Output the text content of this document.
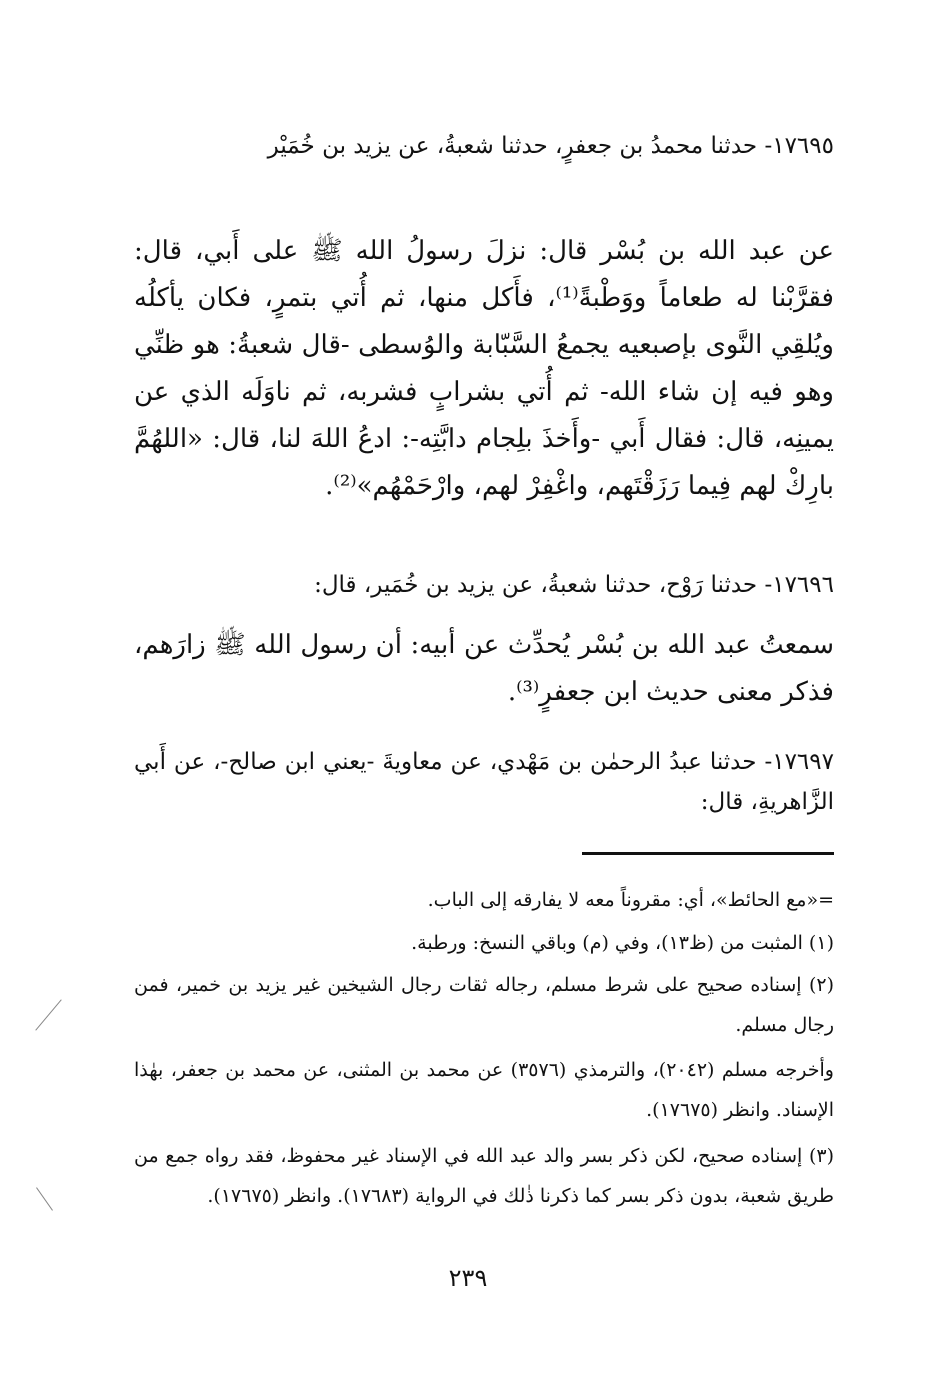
١٧٦٩٥- حدثنا محمدُ بن جعفرٍ، حدثنا شعبةُ، عن يزيد بن خُمَيْر

عن عبد الله بن بُسْر قال: نزلَ رسولُ الله ﷺ على أَبي، قال: فقرَّبْنا له طعاماً ووَطْبةً⁽¹⁾، فأَكل منها، ثم أُتي بتمرٍ، فكان يأكلُه ويُلقِي النَّوى بإصبعيه يجمعُ السَّبّابة والوُسطى -قال شعبةُ: هو ظنِّي وهو فيه إن شاء الله- ثم أُتي بشرابٍ فشربه، ثم ناوَلَه الذي عن يمينِه، قال: فقال أَبي -وأَخذَ بلِجام دابَّتِه-: ادعُ اللهَ لنا، قال: «اللهُمَّ بارِكْ لهم فِيما رَزَقْتَهم، واغْفِرْ لهم، وارْحَمْهُم»⁽²⁾.

١٧٦٩٦- حدثنا رَوْح، حدثنا شعبةُ، عن يزيد بن خُمَير، قال:

سمعتُ عبد الله بن بُسْر يُحدِّث عن أبيه: أن رسول الله ﷺ زارَهم، فذكر معنى حديث ابن جعفرٍ⁽³⁾.

١٧٦٩٧- حدثنا عبدُ الرحمٰن بن مَهْدي، عن معاويةَ -يعني ابن صالح-، عن أَبي الزَّاهريةِ، قال:

=«مع الحائط»، أي: مقروناً معه لا يفارقه إلى الباب.

(١) المثبت من (ظ١٣)، وفي (م) وباقي النسخ: ورطبة.

(٢) إسناده صحيح على شرط مسلم، رجاله ثقات رجال الشيخين غير يزيد بن خمير، فمن رجال مسلم.

وأخرجه مسلم (٢٠٤٢)، والترمذي (٣٥٧٦) عن محمد بن المثنى، عن محمد بن جعفر، بهٰذا الإسناد. وانظر (١٧٦٧٥).

(٣) إسناده صحيح، لكن ذكر بسر والد عبد الله في الإسناد غير محفوظ، فقد رواه جمع من طريق شعبة، بدون ذكر بسر كما ذكرنا ذٰلك في الرواية (١٧٦٨٣). وانظر (١٧٦٧٥).

٢٣٩
